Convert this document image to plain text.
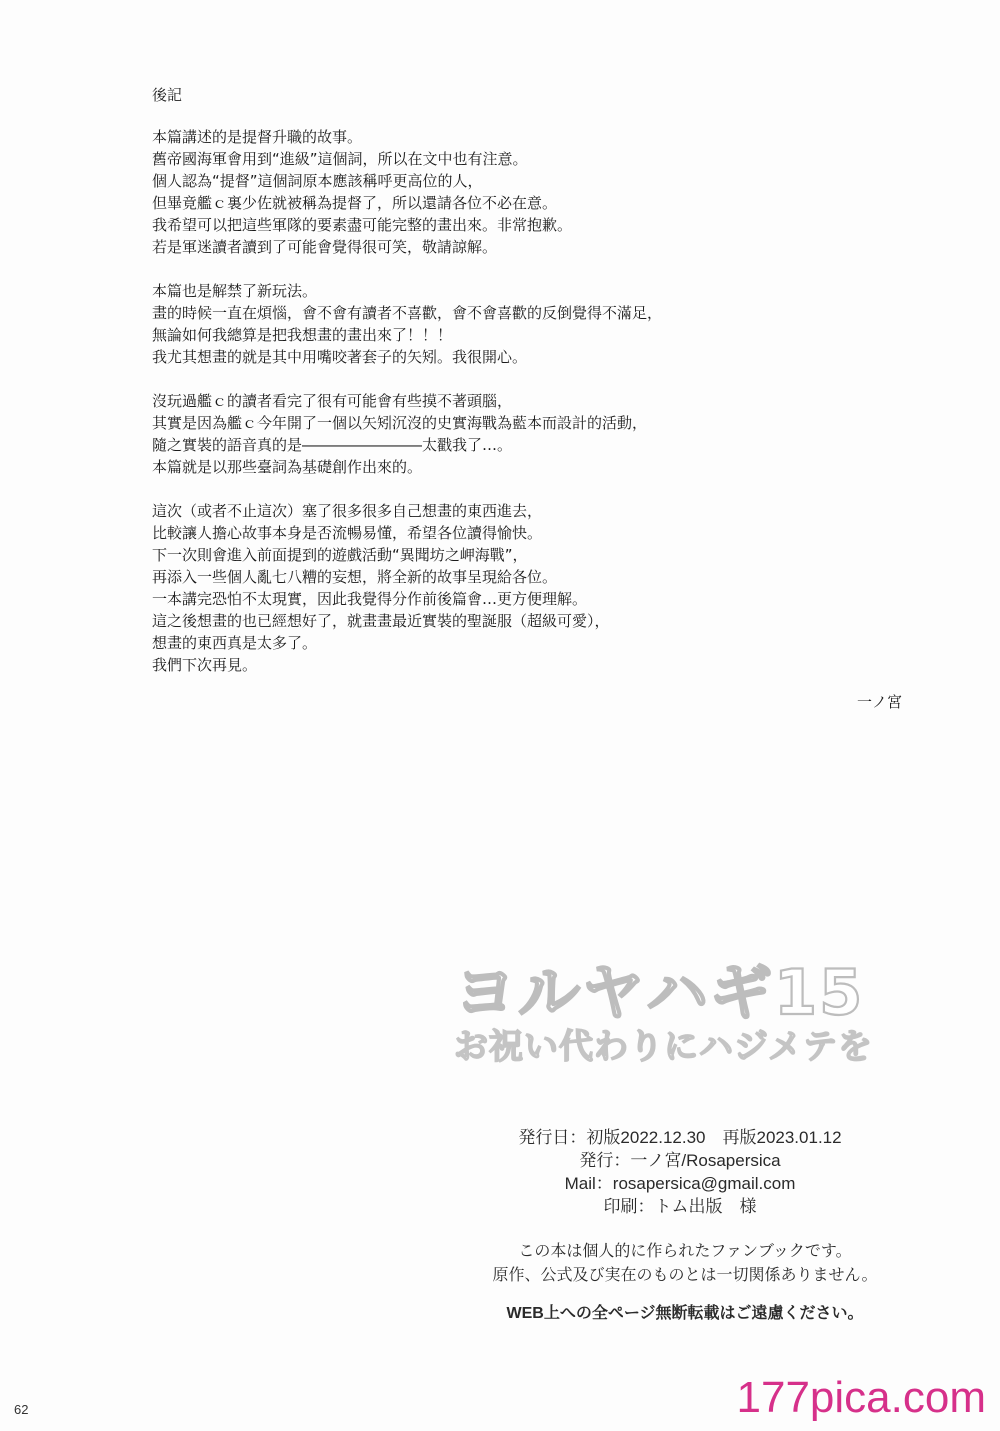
後記
本篇講述的是提督升職的故事。
舊帝國海軍會用到“進級”這個詞，所以在文中也有注意。
個人認為“提督”這個詞原本應該稱呼更高位的人，
但畢竟艦ｃ裏少佐就被稱為提督了，所以還請各位不必在意。
我希望可以把這些軍隊的要素盡可能完整的畫出來。非常抱歉。
若是軍迷讀者讀到了可能會覺得很可笑，敬請諒解。
本篇也是解禁了新玩法。
畫的時候一直在煩惱，會不會有讀者不喜歡，會不會喜歡的反倒覺得不滿足，
無論如何我總算是把我想畫的畫出來了！！！
我尤其想畫的就是其中用嘴咬著套子的矢矧。我很開心。
沒玩過艦ｃ的讀者看完了很有可能會有些摸不著頭腦，
其實是因為艦ｃ今年開了一個以矢矧沉沒的史實海戰為藍本而設計的活動，
隨之實裝的語音真的是――――――――太戳我了…。
本篇就是以那些臺詞為基礎創作出來的。
這次（或者不止這次）塞了很多很多自己想畫的東西進去，
比較讓人擔心故事本身是否流暢易懂，希望各位讀得愉快。
下一次則會進入前面提到的遊戲活動“異聞坊之岬海戰”，
再添入一些個人亂七八糟的妄想，將全新的故事呈現給各位。
一本講完恐怕不太現實，因此我覺得分作前後篇會…更方便理解。
這之後想畫的也已經想好了，就畫畫最近實裝的聖誕服（超級可愛），
想畫的東西真是太多了。
我們下次再見。
一ノ宮
ヨルヤハギ15
お祝い代わりにハジメテを
発行日：初版2022.12.30　再版2023.01.12
発行：一ノ宮/Rosapersica
Mail：rosapersica@gmail.com
印刷：トム出版　様
この本は個人的に作られたファンブックです。
原作、公式及び実在のものとは一切関係ありません。
WEB上への全ページ無断転載はご遠慮ください。
62	177pica.com
